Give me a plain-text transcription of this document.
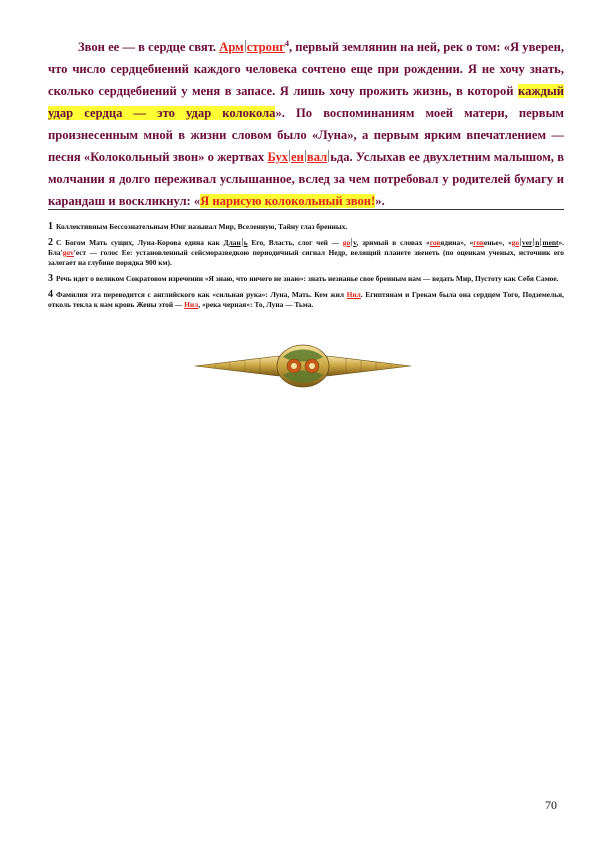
Звон ее — в сердце свят. Арм стронг$^4$, первый землянин на ней, рек о том: «Я уверен, что число сердцебиений каждого человека сочтено еще при рождении. Я не хочу знать, сколько сердцебиений у меня в запасе. Я лишь хочу прожить жизнь, в которой каждый удар сердца — это удар колокола». По воспоминаниям моей матери, первым произнесенным мной в жизни словом было «Луна», а первым ярким впечатлением — песня «Колокольный звон» о жертвах Бух ен вал ьда. Услыхав ее двухлетним малышом, в молчании я долго переживал услышанное, вслед за чем потребовал у родителей бумагу и карандаш и воскликнул: «Я нарисую колокольный звон!».

1 Коллективным Бессознательным Юнг называл Мир, Вселенную, Тайну глаз бренных.
2 С Богом Мать сущих, Луна-Корова едина как Длан ь Его, Власть, слог чей — go v, зримый в словах «говядина», «говенье», «go ver n ment». Бла'gov'ест — голос Ее: установленный сейсморазведкою периодичный сигнал Недр, велящий планете звенеть (по оценкам ученых, источник его залегает на глубине порядка 900 км).
3 Речь идет о великом Сократовом изречении «Я знаю, что ничего не знаю»: знать незнанье свое бренным нам — ведать Мир, Пустоту как Себя Самое.
4 Фамилия эта переводится с английского как «сильная рука»: Луна, Мать. Кем жил Нил. Египтянам и Грекам была она сердцем Того, Подземелья, отколь текла к нам кровь Жены этой — Нил, «река черная»: То, Луна — Тьма.
70
